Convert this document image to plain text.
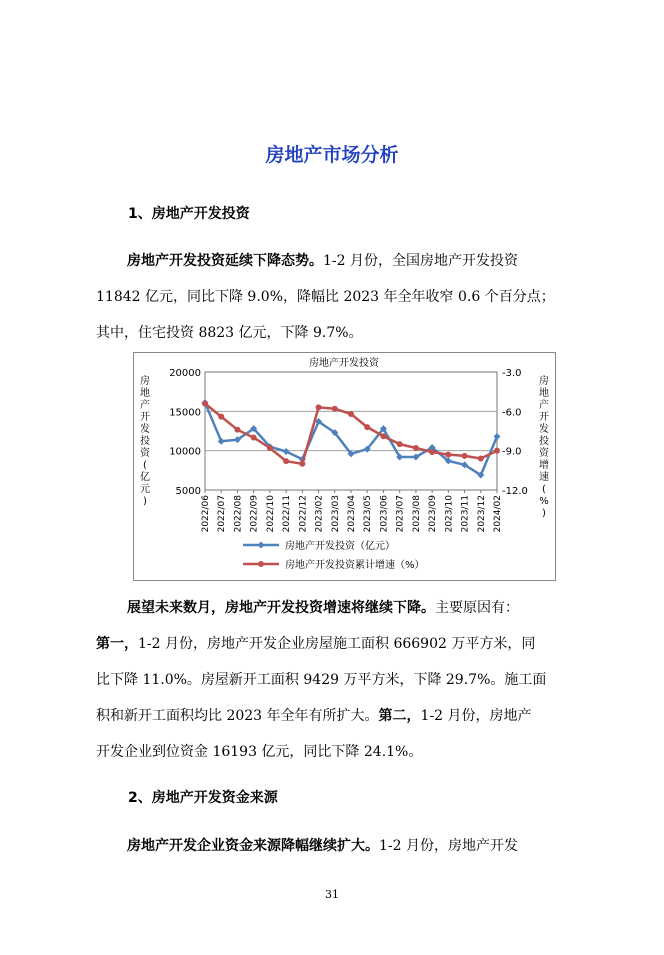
房地产市场分析
1、房地产开发投资
房地产开发投资延续下降态势。1-2 月份，全国房地产开发投资
11842 亿元，同比下降 9.0%，降幅比 2023 年全年收窄 0.6 个百分点；
其中，住宅投资 8823 亿元，下降 9.7%。
房地产开发投资
20000
15000
10000
5000
-3.0
-6.0
-9.0
-12.0
房
地
产
开
发
投
资
(
亿
元
)
房
地
产
开
发
投
资
增
速
(
%
)
2022/06 2022/07 2022/08 2022/09 2022/10 2022/11 2022/12 2023/02 2023/03 2023/04 2023/05 2023/06 2023/07 2023/08 2023/09 2023/10 2023/11 2023/12 2024/02
房地产开发投资（亿元）
房地产开发投资累计增速（%）
展望未来数月，房地产开发投资增速将继续下降。主要原因有：
第一，1-2 月份，房地产开发企业房屋施工面积 666902 万平方米，同
比下降 11.0%。房屋新开工面积 9429 万平方米，下降 29.7%。施工面
积和新开工面积均比 2023 年全年有所扩大。第二，1-2 月份，房地产
开发企业到位资金 16193 亿元，同比下降 24.1%。
2、房地产开发资金来源
房地产开发企业资金来源降幅继续扩大。1-2 月份，房地产开发
31
